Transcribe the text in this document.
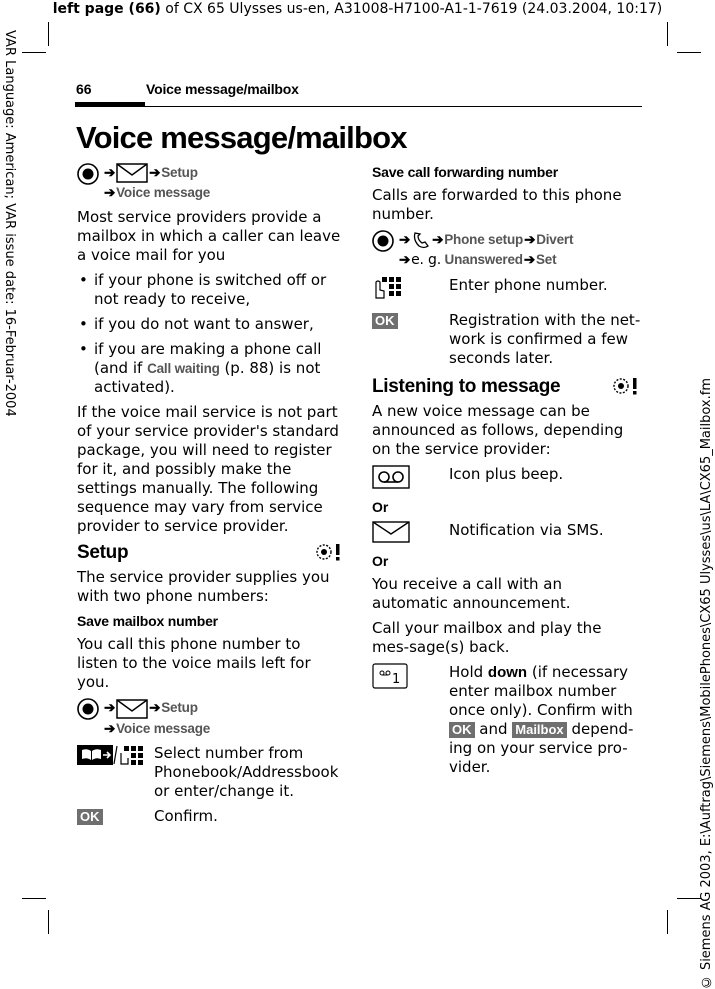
left page (66) of CX 65 Ulysses us-en, A31008-H7100-A1-1-7619 (24.03.2004, 10:17)
VAR Language: American; VAR issue date: 16-Februar-2004
© Siemens AG 2003, E:\Auftrag\Siemens\MobilePhones\CX65 Ulysses\us\LA\CX65_Mailbox.fm
66	Voice message/mailbox
Voice message/mailbox
➔	➔Setup
➔Voice message

Most service providers provide a mailbox in which a caller can leave a voice mail for you

• if your phone is switched off or not ready to receive,
• if you do not want to answer,
• if you are making a phone call (and if Call waiting (p. 88) is not activated).

If the voice mail service is not part of your service provider's standard package, you will need to register for it, and possibly make the settings manually. The following sequence may vary from service provider to service provider.

Setup

The service provider supplies you with two phone numbers:

Save mailbox number

You call this phone number to listen to the voice mails left for you.

➔	➔Setup
➔Voice message
Select number from Phonebook/Addressbook or enter/change it.
OK	Confirm.
Save call forwarding number

Calls are forwarded to this phone number.

➔ ➔Phone setup➔Divert
➔e. g. Unanswered➔Set
Enter phone number.
OK	Registration with the net-work is confirmed a few seconds later.
Listening to message

A new voice message can be announced as follows, depending on the service provider:

Icon plus beep.
Or
Notification via SMS.
Or

You receive a call with an automatic announcement.

Call your mailbox and play the mes-sage(s) back.

1	Hold down (if necessary enter mailbox number once only). Confirm with OK and Mailbox depend-ing on your service pro-vider.
